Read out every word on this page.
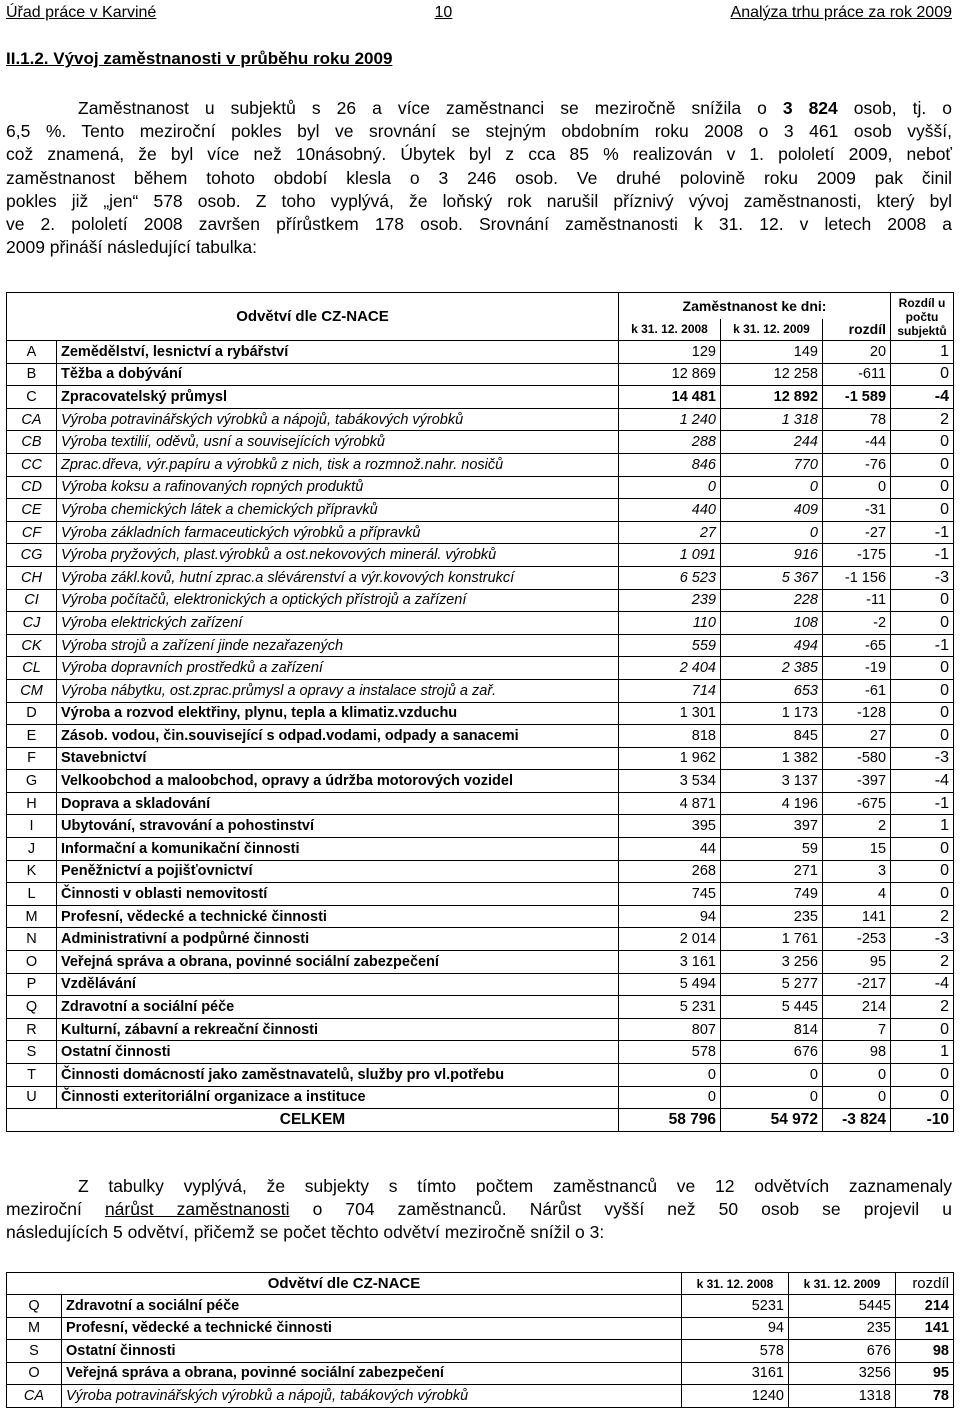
Úřad práce v Karviné	10	Analýza trhu práce za rok 2009
II.1.2. Vývoj zaměstnanosti v průběhu roku 2009
Zaměstnanost u subjektů s 26 a více zaměstnanci se meziročně snížila o 3 824 osob, tj. o
6,5 %. Tento meziroční pokles byl ve srovnání se stejným obdobním roku 2008 o 3 461 osob vyšší,
což znamená, že byl více než 10násobný. Úbytek byl z cca 85 % realizován v 1. pololetí 2009, neboť
zaměstnanost během tohoto období klesla o 3 246 osob. Ve druhé polovině roku 2009 pak činil
pokles již „jen“ 578 osob. Z toho vyplývá, že loňský rok narušil příznivý vývoj zaměstnanosti, který byl
ve 2. pololetí 2008 završen přírůstkem 178 osob. Srovnání zaměstnanosti k 31. 12. v letech 2008 a
2009 přináší následující tabulka:
Odvětví dle CZ-NACE		Zaměstnanost ke dni:			Rozdíl u počtu subjektů
		k 31. 12. 2008	k 31. 12. 2009	rozdíl	
A	Zemědělství, lesnictví a rybářství	129	149	20	1
B	Těžba a dobývání	12 869	12 258	-611	0
C	Zpracovatelský průmysl	14 481	12 892	-1 589	-4
CA	Výroba potravinářských výrobků a nápojů, tabákových výrobků	1 240	1 318	78	2
CB	Výroba textilií, oděvů, usní a souvisejících výrobků	288	244	-44	0
CC	Zprac.dřeva, výr.papíru a výrobků z nich, tisk a rozmnož.nahr. nosičů	846	770	-76	0
CD	Výroba koksu a rafinovaných ropných produktů	0	0	0	0
CE	Výroba chemických látek a chemických přípravků	440	409	-31	0
CF	Výroba základních farmaceutických výrobků a přípravků	27	0	-27	-1
CG	Výroba pryžových, plast.výrobků a ost.nekovových minerál. výrobků	1 091	916	-175	-1
CH	Výroba zákl.kovů, hutní zprac.a slévárenství a výr.kovových konstrukcí	6 523	5 367	-1 156	-3
CI	Výroba počítačů, elektronických a optických přístrojů a zařízení	239	228	-11	0
CJ	Výroba elektrických zařízení	110	108	-2	0
CK	Výroba strojů a zařízení jinde nezařazených	559	494	-65	-1
CL	Výroba dopravních prostředků a zařízení	2 404	2 385	-19	0
CM	Výroba nábytku, ost.zprac.průmysl a opravy a instalace strojů a zař.	714	653	-61	0
D	Výroba a rozvod elektřiny, plynu, tepla a klimatiz.vzduchu	1 301	1 173	-128	0
E	Zásob. vodou, čin.související s odpad.vodami, odpady a sanacemi	818	845	27	0
F	Stavebnictví	1 962	1 382	-580	-3
G	Velkoobchod a maloobchod, opravy a údržba motorových vozidel	3 534	3 137	-397	-4
H	Doprava a skladování	4 871	4 196	-675	-1
I	Ubytování, stravování a pohostinství	395	397	2	1
J	Informační a komunikační činnosti	44	59	15	0
K	Peněžnictví a pojišťovnictví	268	271	3	0
L	Činnosti v oblasti nemovitostí	745	749	4	0
M	Profesní, vědecké a technické činnosti	94	235	141	2
N	Administrativní a podpůrné činnosti	2 014	1 761	-253	-3
O	Veřejná správa a obrana, povinné sociální zabezpečení	3 161	3 256	95	2
P	Vzdělávání	5 494	5 277	-217	-4
Q	Zdravotní a sociální péče	5 231	5 445	214	2
R	Kulturní, zábavní a rekreační činnosti	807	814	7	0
S	Ostatní činnosti	578	676	98	1
T	Činnosti domácností jako zaměstnavatelů, služby pro vl.potřebu	0	0	0	0
U	Činnosti exteritoriální organizace a instituce	0	0	0	0
CELKEM		58 796	54 972	-3 824	-10
Z tabulky vyplývá, že subjekty s tímto počtem zaměstnanců ve 12 odvětvích zaznamenaly
meziroční nárůst zaměstnanosti o 704 zaměstnanců. Nárůst vyšší než 50 osob se projevil u
následujících 5 odvětví, přičemž se počet těchto odvětví meziročně snížil o 3:
Odvětví dle CZ-NACE		k 31. 12. 2008	k 31. 12. 2009	rozdíl
Q	Zdravotní a sociální péče	5231	5445	214
M	Profesní, vědecké a technické činnosti	94	235	141
S	Ostatní činnosti	578	676	98
O	Veřejná správa a obrana, povinné sociální zabezpečení	3161	3256	95
CA	Výroba potravinářských výrobků a nápojů, tabákových výrobků	1240	1318	78
